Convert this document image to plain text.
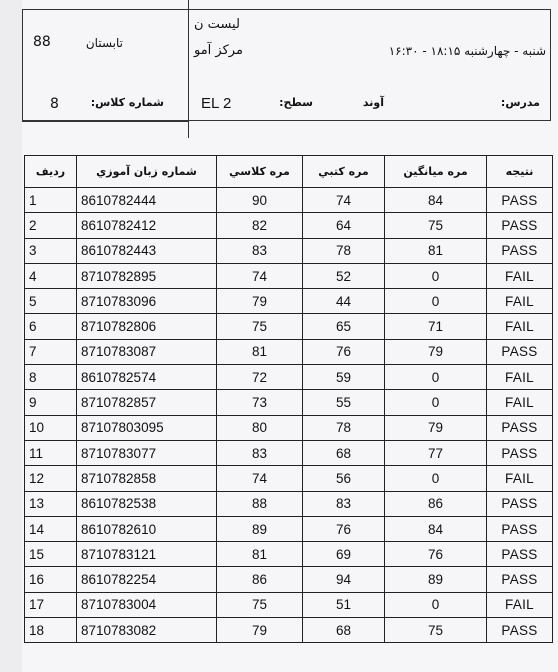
88	تابستان
لیست ن
مرکز آمو	شنبه - چهارشنبه ۱۸:۱۵ - ۱۶:۳۰
8	شماره کلاس: EL 2	سطح:	آوند	مدرس:
ردیف	شماره زبان آموزي	مره كلاسي	مره كتبي	مره ميانگين	نتيجه
1	8610782444	90	74	84	PASS
2	8610782412	82	64	75	PASS
3	8610782443	83	78	81	PASS
4	8710782895	74	52	0	FAIL
5	8710783096	79	44	0	FAIL
6	8710782806	75	65	71	FAIL
7	8710783087	81	76	79	PASS
8	8610782574	72	59	0	FAIL
9	8710782857	73	55	0	FAIL
10	87107803095	80	78	79	PASS
11	8710783077	83	68	77	PASS
12	8710782858	74	56	0	FAIL
13	8610782538	88	83	86	PASS
14	8610782610	89	76	84	PASS
15	8710783121	81	69	76	PASS
16	8610782254	86	94	89	PASS
17	8710783004	75	51	0	FAIL
18	8710783082	79	68	75	PASS
